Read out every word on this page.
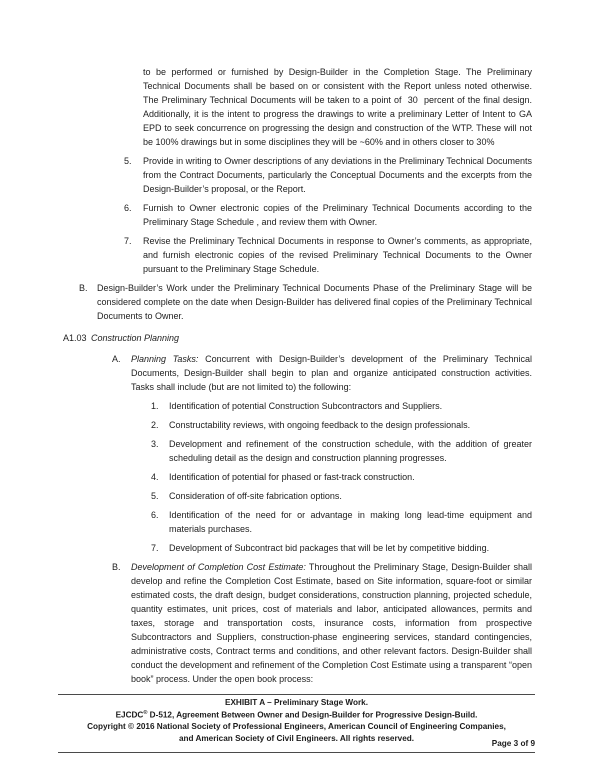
to be performed or furnished by Design-Builder in the Completion Stage. The Preliminary Technical Documents shall be based on or consistent with the Report unless noted otherwise. The Preliminary Technical Documents will be taken to a point of  30  percent of the final design. Additionally, it is the intent to progress the drawings to write a preliminary Letter of Intent to GA EPD to seek concurrence on progressing the design and construction of the WTP. These will not be 100% drawings but in some disciplines they will be ~60% and in others closer to 30%
5. Provide in writing to Owner descriptions of any deviations in the Preliminary Technical Documents from the Contract Documents, particularly the Conceptual Documents and the excerpts from the Design-Builder’s proposal, or the Report.
6. Furnish to Owner electronic copies of the Preliminary Technical Documents according to the Preliminary Stage Schedule , and review them with Owner.
7. Revise the Preliminary Technical Documents in response to Owner’s comments, as appropriate, and furnish electronic copies of the revised Preliminary Technical Documents to the Owner pursuant to the Preliminary Stage Schedule.
B. Design-Builder’s Work under the Preliminary Technical Documents Phase of the Preliminary Stage will be considered complete on the date when Design-Builder has delivered final copies of the Preliminary Technical Documents to Owner.
A1.03 Construction Planning
A. Planning Tasks: Concurrent with Design-Builder’s development of the Preliminary Technical Documents, Design-Builder shall begin to plan and organize anticipated construction activities. Tasks shall include (but are not limited to) the following:
1. Identification of potential Construction Subcontractors and Suppliers.
2. Constructability reviews, with ongoing feedback to the design professionals.
3. Development and refinement of the construction schedule, with the addition of greater scheduling detail as the design and construction planning progresses.
4. Identification of potential for phased or fast-track construction.
5. Consideration of off-site fabrication options.
6. Identification of the need for or advantage in making long lead-time equipment and materials purchases.
7. Development of Subcontract bid packages that will be let by competitive bidding.
B. Development of Completion Cost Estimate: Throughout the Preliminary Stage, Design-Builder shall develop and refine the Completion Cost Estimate, based on Site information, square-foot or similar estimated costs, the draft design, budget considerations, construction planning, projected schedule, quantity estimates, unit prices, cost of materials and labor, anticipated allowances, permits and taxes, storage and transportation costs, insurance costs, information from prospective Subcontractors and Suppliers, construction-phase engineering services, standard contingencies, administrative costs, Contract terms and conditions, and other relevant factors. Design-Builder shall conduct the development and refinement of the Completion Cost Estimate using a transparent “open book” process. Under the open book process:
EXHIBIT A – Preliminary Stage Work.
EJCDC® D-512, Agreement Between Owner and Design-Builder for Progressive Design-Build.
Copyright © 2016 National Society of Professional Engineers, American Council of Engineering Companies,
and American Society of Civil Engineers. All rights reserved.
Page 3 of 9
